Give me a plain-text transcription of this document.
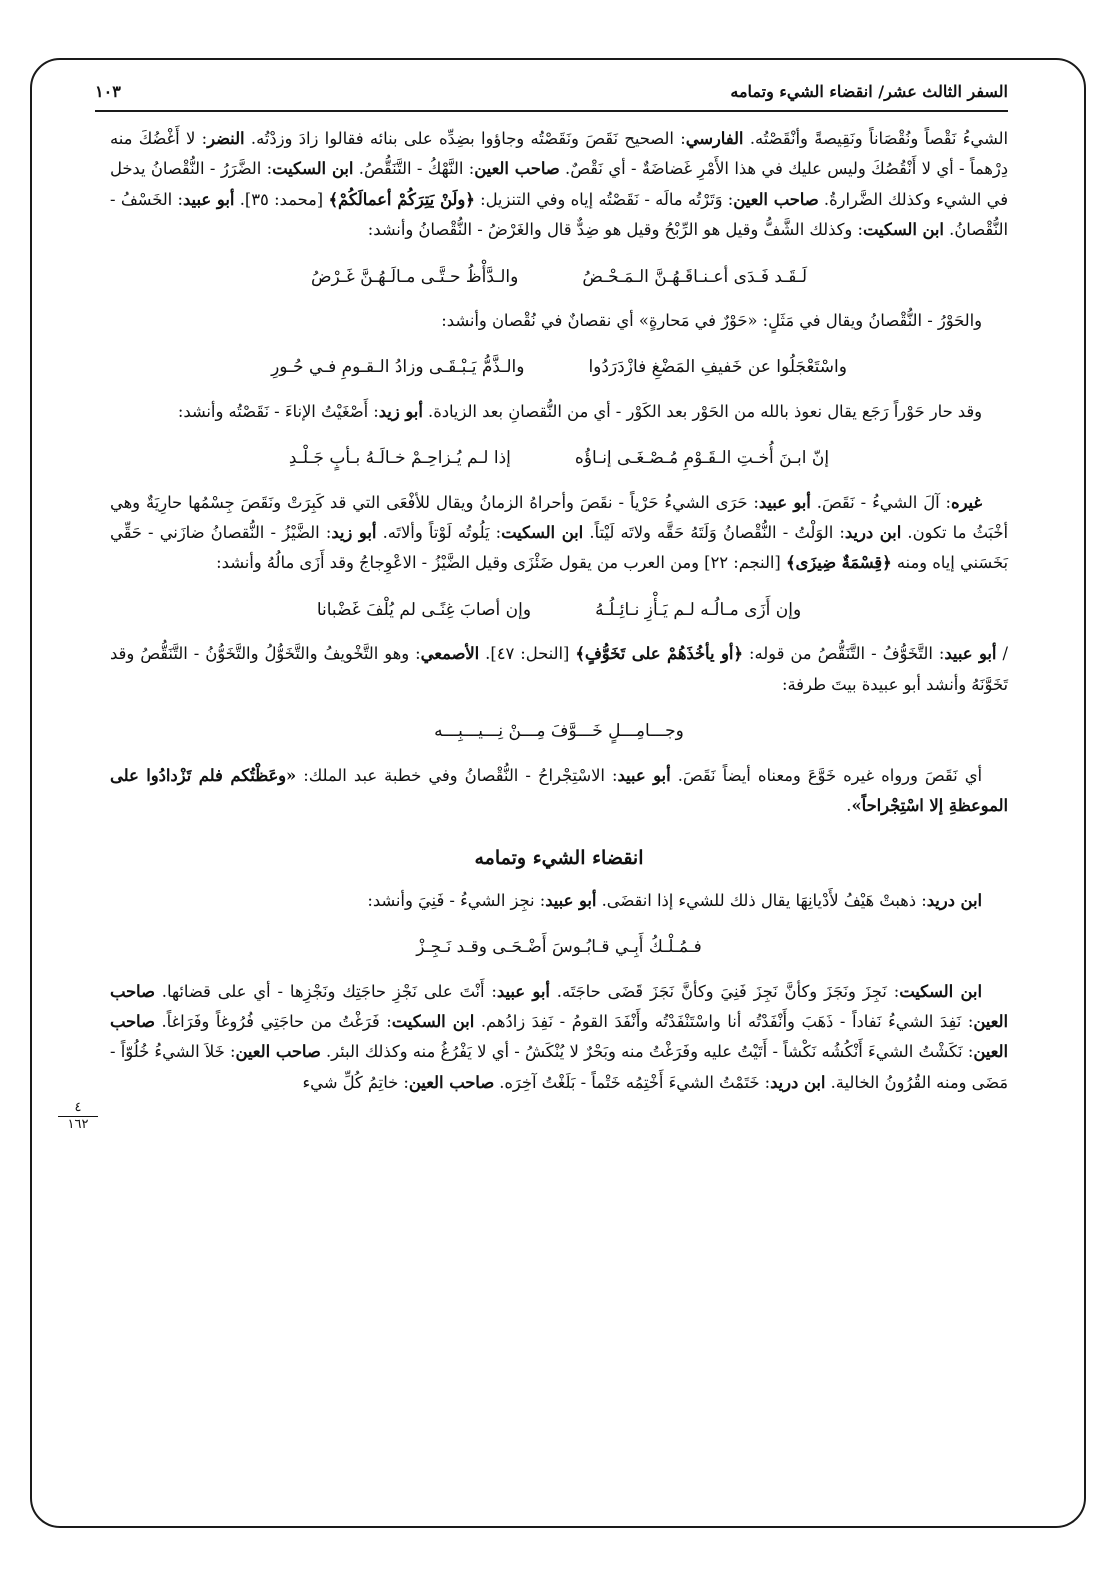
السفر الثالث عشر/ انقضاء الشيء وتمامه
١٠٣
٤
١٦٢

الشيءُ نَقْصاً ونُقْصَاناً ونَقِيصةً وأنْقَصْتُه. الفارسي: الصحيح نَقَصَ ونَقَصْتُه وجاؤوا بضِدِّه على بنائه فقالوا زادَ وزدْتُه. النضر: لا أَغْضُكَ منه دِرْهماً - أي لا أَنْقُصُكَ وليس عليك في هذا الأَمْرِ غَضاضَةٌ - أي نَقْصٌ. صاحب العين: النَّهْكُ - التَّنَقُّصُ. ابن السكيت: الضَّرَرُ - النُّقْصانُ يدخل في الشيء وكذلك الضَّرارةُ. صاحب العين: وَتَرْتُه مالَه - نَقَصْتُه إياه وفي التنزيل: ﴿ولَنْ يَتِرَكُمْ أعمالَكُمْ﴾ [محمد: ٣٥]. أبو عبيد: الخَسْفُ - النُّقْصانُ. ابن السكيت: وكذلك الشَّفُّ وقيل هو الرِّبْحُ وقيل هو ضِدٌّ قال والغَرْضُ - النُّقْصانُ وأنشد:

لَـقَـد فَـدَى أعـنـاقَـهُـنَّ الـمَـحْـضُ
والـدَّأْظُ حـتَّـى مـالَـهُـنَّ غَـرْضُ

والحَوْرُ - النُّقْصانُ ويقال في مَثَلٍ: «حَوْرٌ في مَحارةٍ» أي نقصانٌ في نُقْصان وأنشد:

واسْتَعْجَلُوا عن خَفيفِ المَضْغِ فازْدَرَدُوا
والـذَّمُّ يَـبْـقَـى وزادُ الـقـومِ فـي حُـورِ

وقد حار حَوْراً رَجَع يقال نعوذ بالله من الحَوْر بعد الكَوْر - أي من النُّقصانِ بعد الزيادة. أبو زيد: أَصْغَيْتُ الإناءَ - نَقَصْتُه وأنشد:

إنّ ابـنَ أُخـتِ الـقَـوْمِ مُـصْـغَـى إنـاؤُه
إذا لـم يُـزاحِـمْ خـالَـهُ بـأبٍ جَـلْـدِ

غيره: آلَ الشيءُ - نَقَصَ. أبو عبيد: حَرَى الشيءُ حَرْياً - نقَصَ وأحراهُ الزمانُ ويقال للأفْعَى التي قد كَبِرَتْ ونَقَصَ جِسْمُها حارِيَةٌ وهي أخْبَثُ ما تكون. ابن دريد: الوَلْتُ - النُّقْصانُ وَلَتَهُ حَقَّه ولاتَه لَيْتاً. ابن السكيت: يَلُوتُه لَوْتاً وألاتَه. أبو زيد: الضَّيْزُ - النُّقصانُ ضازَني - حَقِّي بَخَسَني إياه ومنه ﴿قِسْمَةٌ ضِيزَى﴾ [النجم: ٢٢] ومن العرب من يقول ضَئْزَى وقيل الضَّيْزُ - الاعْوِجاجُ وقد أَزَى مالُهُ وأنشد:

وإن أَزَى مـالُـه لـم يَـأْزِ نـائِـلُـهُ
وإن أصابَ غِنًـى لم يُلْفَ غَضْبانا

/ أبو عبيد: التَّخَوُّفُ - التَّنَقُّصُ من قوله: ﴿أو يأخُذَهُمْ على تَخَوُّفٍ﴾ [النحل: ٤٧]. الأصمعي: وهو التَّخْويفُ والتَّخَوُّلُ والتَّخَوُّنُ - التَّنَقُّصُ وقد تَخَوَّنَهُ وأنشد أبو عبيدة بيتَ طرفة:

وجـــامِـــلٍ خَـــوَّفَ مِـــنْ نِـــيـــبِـــه

أي نَقَصَ ورواه غيره خَوَّعَ ومعناه أيضاً نَقَصَ. أبو عبيد: الاسْتِجْراحُ - النُّقْصانُ وفي خطبة عبد الملك: «وعَظْتُكم فلم تَزْدادُوا على الموعظةِ إلا اسْتِجْراحاً».

انقضاء الشيء وتمامه

ابن دريد: ذهبتْ هَيْفُ لأَدْيانِهَا يقال ذلك للشيء إذا انقضَى. أبو عبيد: نجِز الشيءُ - فَنِيَ وأنشد:

فـمُـلْـكُ أَبِـي قـابُـوسَ أَضْـحَـى وقـد نَـجِـزْ

ابن السكيت: نَجِزَ ونَجَزَ وكأنَّ نَجِزَ فَنِيَ وكأنَّ نَجَزَ قَضَى حاجَتَه. أبو عبيد: أَنْتَ على نَجْزِ حاجَتِك ونَجْزِها - أي على قضائها. صاحب العين: نَفِدَ الشيءُ نَفاداً - ذَهَبَ وأَنْفَدْتُه أنا واسْتَنْفَدْتُه وأَنْفَدَ القومُ - نَفِدَ زادُهم. ابن السكيت: فَرَغْتُ من حاجَتِي فُرُوغاً وفَرَاغاً. صاحب العين: نَكَشْتُ الشيءَ أَنْكُشُه نَكْشاً - أَتَيْتُ عليه وفَرَغْتُ منه وبَحْرٌ لا يُنْكَشُ - أي لا يَفْرُغُ منه وكذلك البئر. صاحب العين: خَلاَ الشيءُ خُلُوّاً - مَضَى ومنه القُرُونُ الخالية. ابن دريد: خَتَمْتُ الشيءَ أَخْتِمُه خَتْماً - بَلَغْتُ آخِرَه. صاحب العين: خاتِمُ كُلِّ شيء
